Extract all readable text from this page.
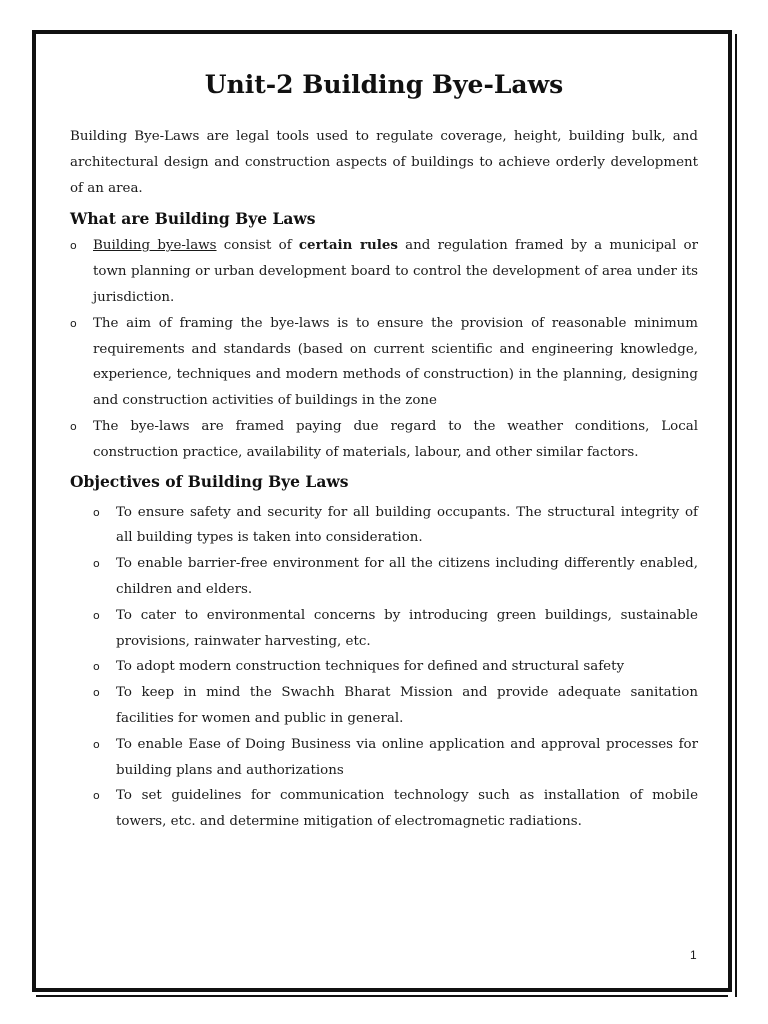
Unit-2 Building Bye-Laws

Building Bye-Laws are legal tools used to regulate coverage, height, building bulk, and architectural design and construction aspects of buildings to achieve orderly development of an area.

What are Building Bye Laws
o Building bye-laws consist of certain rules and regulation framed by a municipal or town planning or urban development board to control the development of area under its jurisdiction.
o The aim of framing the bye-laws is to ensure the provision of reasonable minimum requirements and standards (based on current scientific and engineering knowledge, experience, techniques and modern methods of construction) in the planning, designing and construction activities of buildings in the zone
o The bye-laws are framed paying due regard to the weather conditions, Local construction practice, availability of materials, labour, and other similar factors.
Objectives of Building Bye Laws
o To ensure safety and security for all building occupants. The structural integrity of all building types is taken into consideration.
o To enable barrier-free environment for all the citizens including differently enabled, children and elders.
o To cater to environmental concerns by introducing green buildings, sustainable provisions, rainwater harvesting, etc.
o To adopt modern construction techniques for defined and structural safety
o To keep in mind the Swachh Bharat Mission and provide adequate sanitation facilities for women and public in general.
o To enable Ease of Doing Business via online application and approval processes for building plans and authorizations
o To set guidelines for communication technology such as installation of mobile towers, etc. and determine mitigation of electromagnetic radiations.
1
